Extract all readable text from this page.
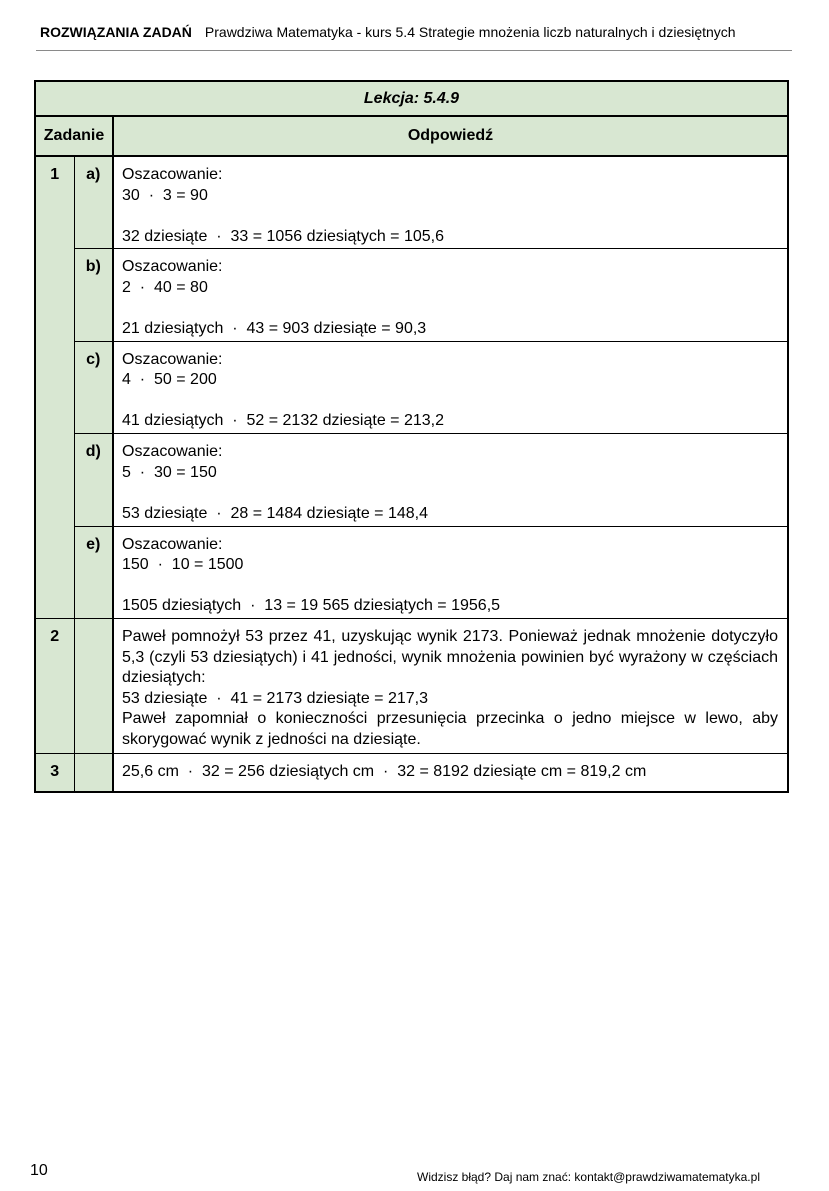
ROZWIĄZANIA ZADAŃ Prawdziwa Matematyka - kurs 5.4 Strategie mnożenia liczb naturalnych i dziesiętnych
Lekcja: 5.4.9		
Zadanie		Odpowiedź
1	a)	Oszacowanie:
30  ·  3 = 90

32 dziesiąte  ·  33 = 1056 dziesiątych = 105,6

	b)	Oszacowanie:
2  ·  40 = 80

21 dziesiątych  ·  43 = 903 dziesiąte = 90,3

	c)	Oszacowanie:
4  ·  50 = 200

41 dziesiątych  ·  52 = 2132 dziesiąte = 213,2

	d)	Oszacowanie:
5  ·  30 = 150

53 dziesiąte  ·  28 = 1484 dziesiąte = 148,4

	e)	Oszacowanie:
150  ·  10 = 1500

1505 dziesiątych  ·  13 = 19 565 dziesiątych = 1956,5

2		Paweł pomnożył 53 przez 41, uzyskując wynik 2173. Ponieważ jednak mnożenie dotyczyło 5,3 (czyli 53 dziesiątych) i 41 jedności, wynik mnożenia powinien być wyrażony w częściach dziesiątych:
53 dziesiąte  ·  41 = 2173 dziesiąte = 217,3
Paweł zapomniał o konieczności przesunięcia przecinka o jedno miejsce w lewo, aby skorygować wynik z jedności na dziesiąte.

3		25,6 cm  ·  32 = 256 dziesiątych cm  ·  32 = 8192 dziesiąte cm = 819,2 cm
10	Widzisz błąd? Daj nam znać: kontakt@prawdziwamatematyka.pl
